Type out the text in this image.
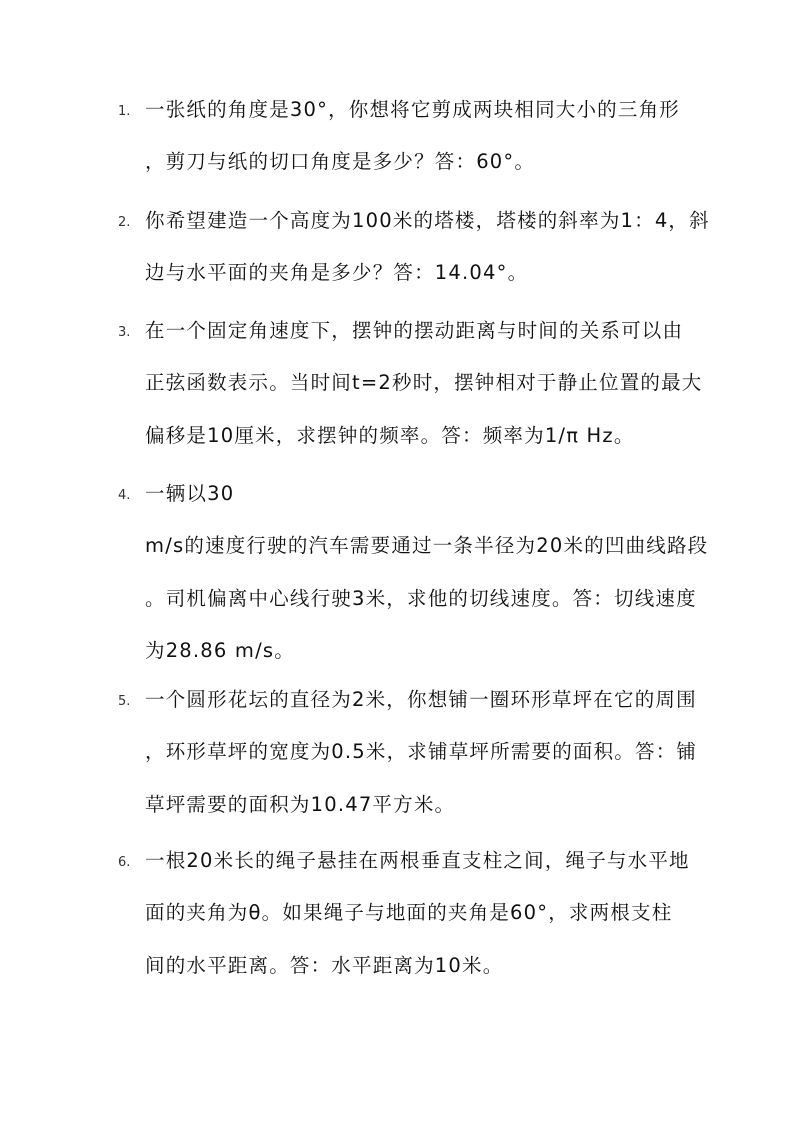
1. 一张纸的角度是30°，你想将它剪成两块相同大小的三角形
，剪刀与纸的切口角度是多少？答：60°。
2. 你希望建造一个高度为100米的塔楼，塔楼的斜率为1：4，斜
边与水平面的夹角是多少？答：14.04°。
3. 在一个固定角速度下，摆钟的摆动距离与时间的关系可以由
正弦函数表示。当时间t=2秒时，摆钟相对于静止位置的最大
偏移是10厘米，求摆钟的频率。答：频率为1/π Hz。
4. 一辆以30
m/s的速度行驶的汽车需要通过一条半径为20米的凹曲线路段
。司机偏离中心线行驶3米，求他的切线速度。答：切线速度
为28.86 m/s。
5. 一个圆形花坛的直径为2米，你想铺一圈环形草坪在它的周围
，环形草坪的宽度为0.5米，求铺草坪所需要的面积。答：铺
草坪需要的面积为10.47平方米。
6. 一根20米长的绳子悬挂在两根垂直支柱之间，绳子与水平地
面的夹角为θ。如果绳子与地面的夹角是60°，求两根支柱
间的水平距离。答：水平距离为10米。
